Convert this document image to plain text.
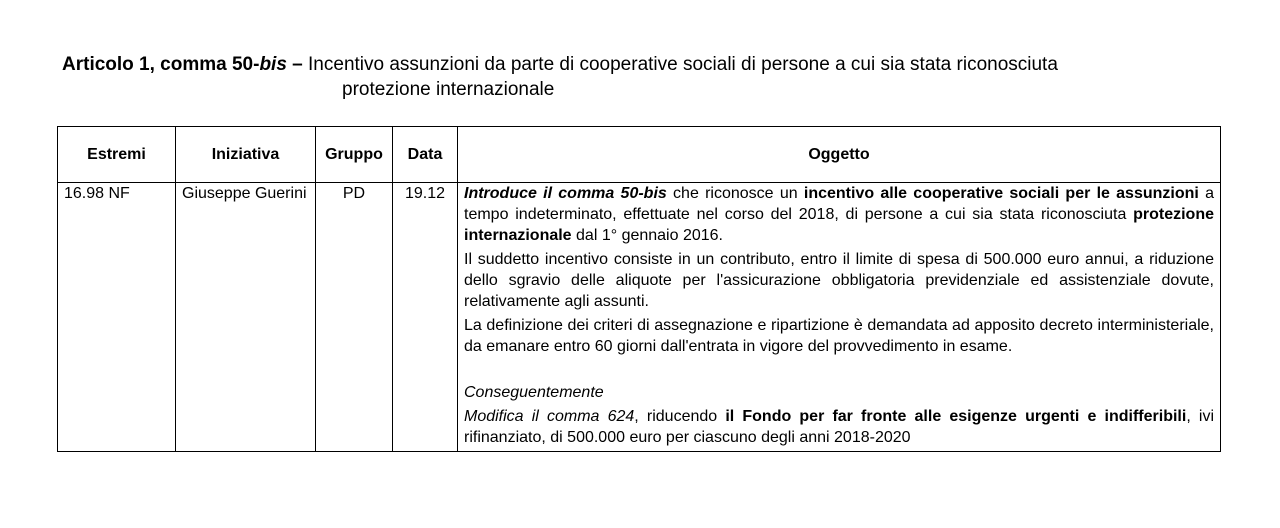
Articolo 1, comma 50-bis – Incentivo assunzioni da parte di cooperative sociali di persone a cui sia stata riconosciuta
protezione internazionale
Estremi	Iniziativa	Gruppo	Data	Oggetto
16.98 NF	Giuseppe Guerini	PD	19.12	Introduce il comma 50-bis che riconosce un incentivo alle cooperative sociali per le assunzioni a tempo indeterminato, effettuate nel corso del 2018, di persone a cui sia stata riconosciuta protezione internazionale dal 1° gennaio 2016.

Il suddetto incentivo consiste in un contributo, entro il limite di spesa di 500.000 euro annui, a riduzione dello sgravio delle aliquote per l'assicurazione obbligatoria previdenziale ed assistenziale dovute, relativamente agli assunti.

La definizione dei criteri di assegnazione e ripartizione è demandata ad apposito decreto interministeriale, da emanare entro 60 giorni dall'entrata in vigore del provvedimento in esame.

Conseguentemente

Modifica il comma 624, riducendo il Fondo per far fronte alle esigenze urgenti e indifferibili, ivi rifinanziato, di 500.000 euro per ciascuno degli anni 2018-2020
